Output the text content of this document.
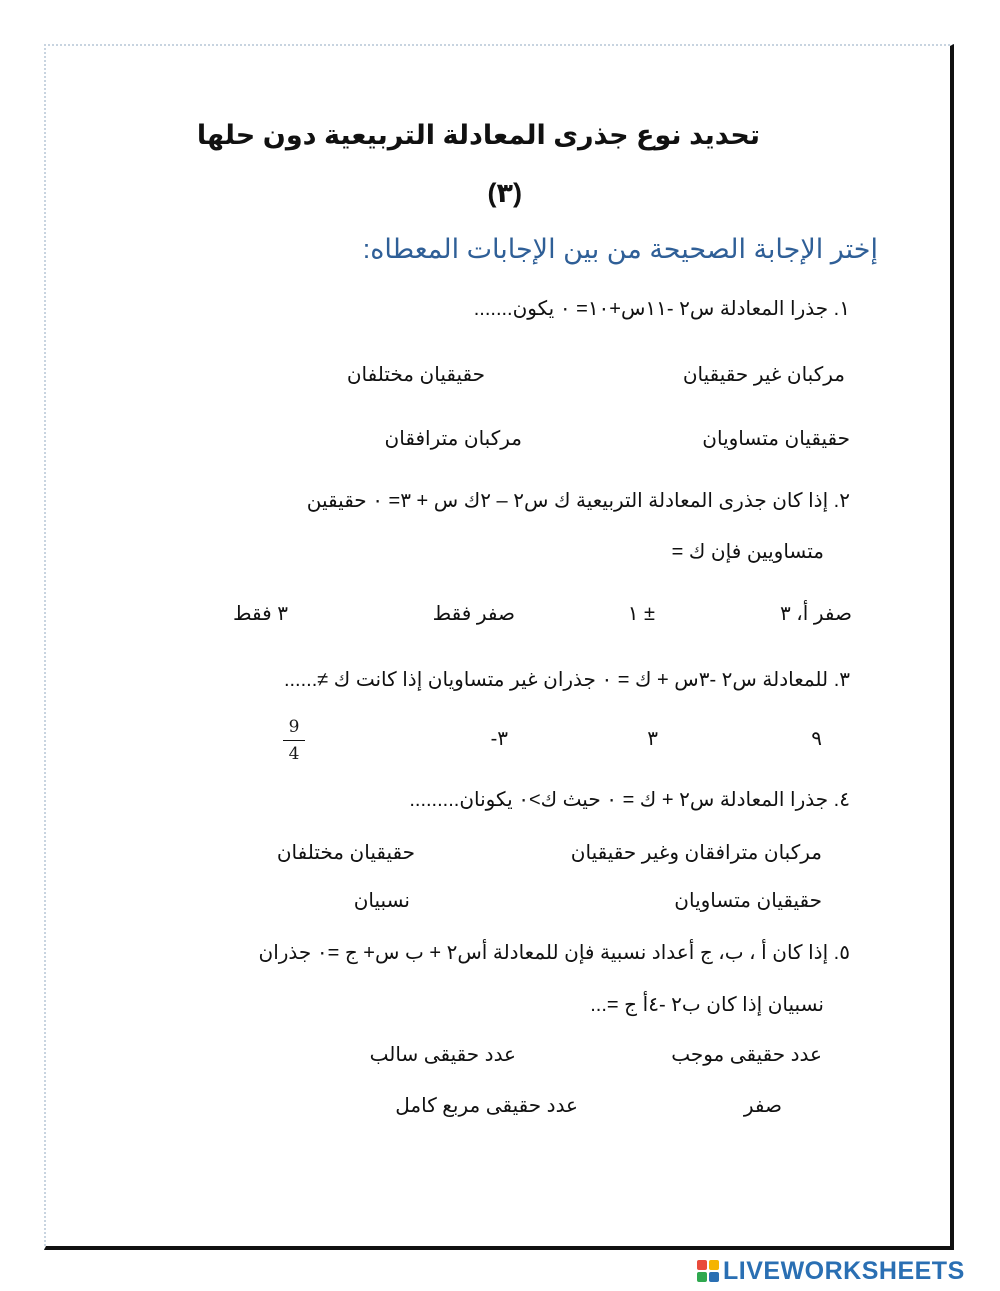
تحديد نوع جذرى المعادلة التربيعية دون حلها
(٣)
إختر الإجابة الصحيحة من بين الإجابات المعطاه:
١. جذرا المعادلة س٢ -١١س+١٠= ٠ يكون.......
مركبان غير حقيقيان
حقيقيان مختلفان
حقيقيان متساويان
مركبان مترافقان
٢. إذا كان جذرى المعادلة التربيعية ك س٢ – ٢ك س + ٣= ٠ حقيقين
متساويين فإن ك =
صفر أ، ٣
± ١
صفر فقط
٣ فقط
٣. للمعادلة س٢ -٣س + ك = ٠ جذران غير متساويان إذا كانت ك ≠......
٩
٣
9
4
٣-
٤. جذرا المعادلة س٢ + ك = ٠ حيث ك>٠ يكونان.........
مركبان مترافقان وغير حقيقيان
حقيقيان مختلفان
حقيقيان متساويان
نسبيان
٥. إذا كان أ ، ب، ج أعداد نسبية فإن للمعادلة أس٢ + ب س+ ج =٠ جذران
نسبيان إذا كان ب٢ -٤أ ج =...
عدد حقيقى موجب
عدد حقيقى سالب
صفر
عدد حقيقى مربع كامل
LIVEWORKSHEETS
